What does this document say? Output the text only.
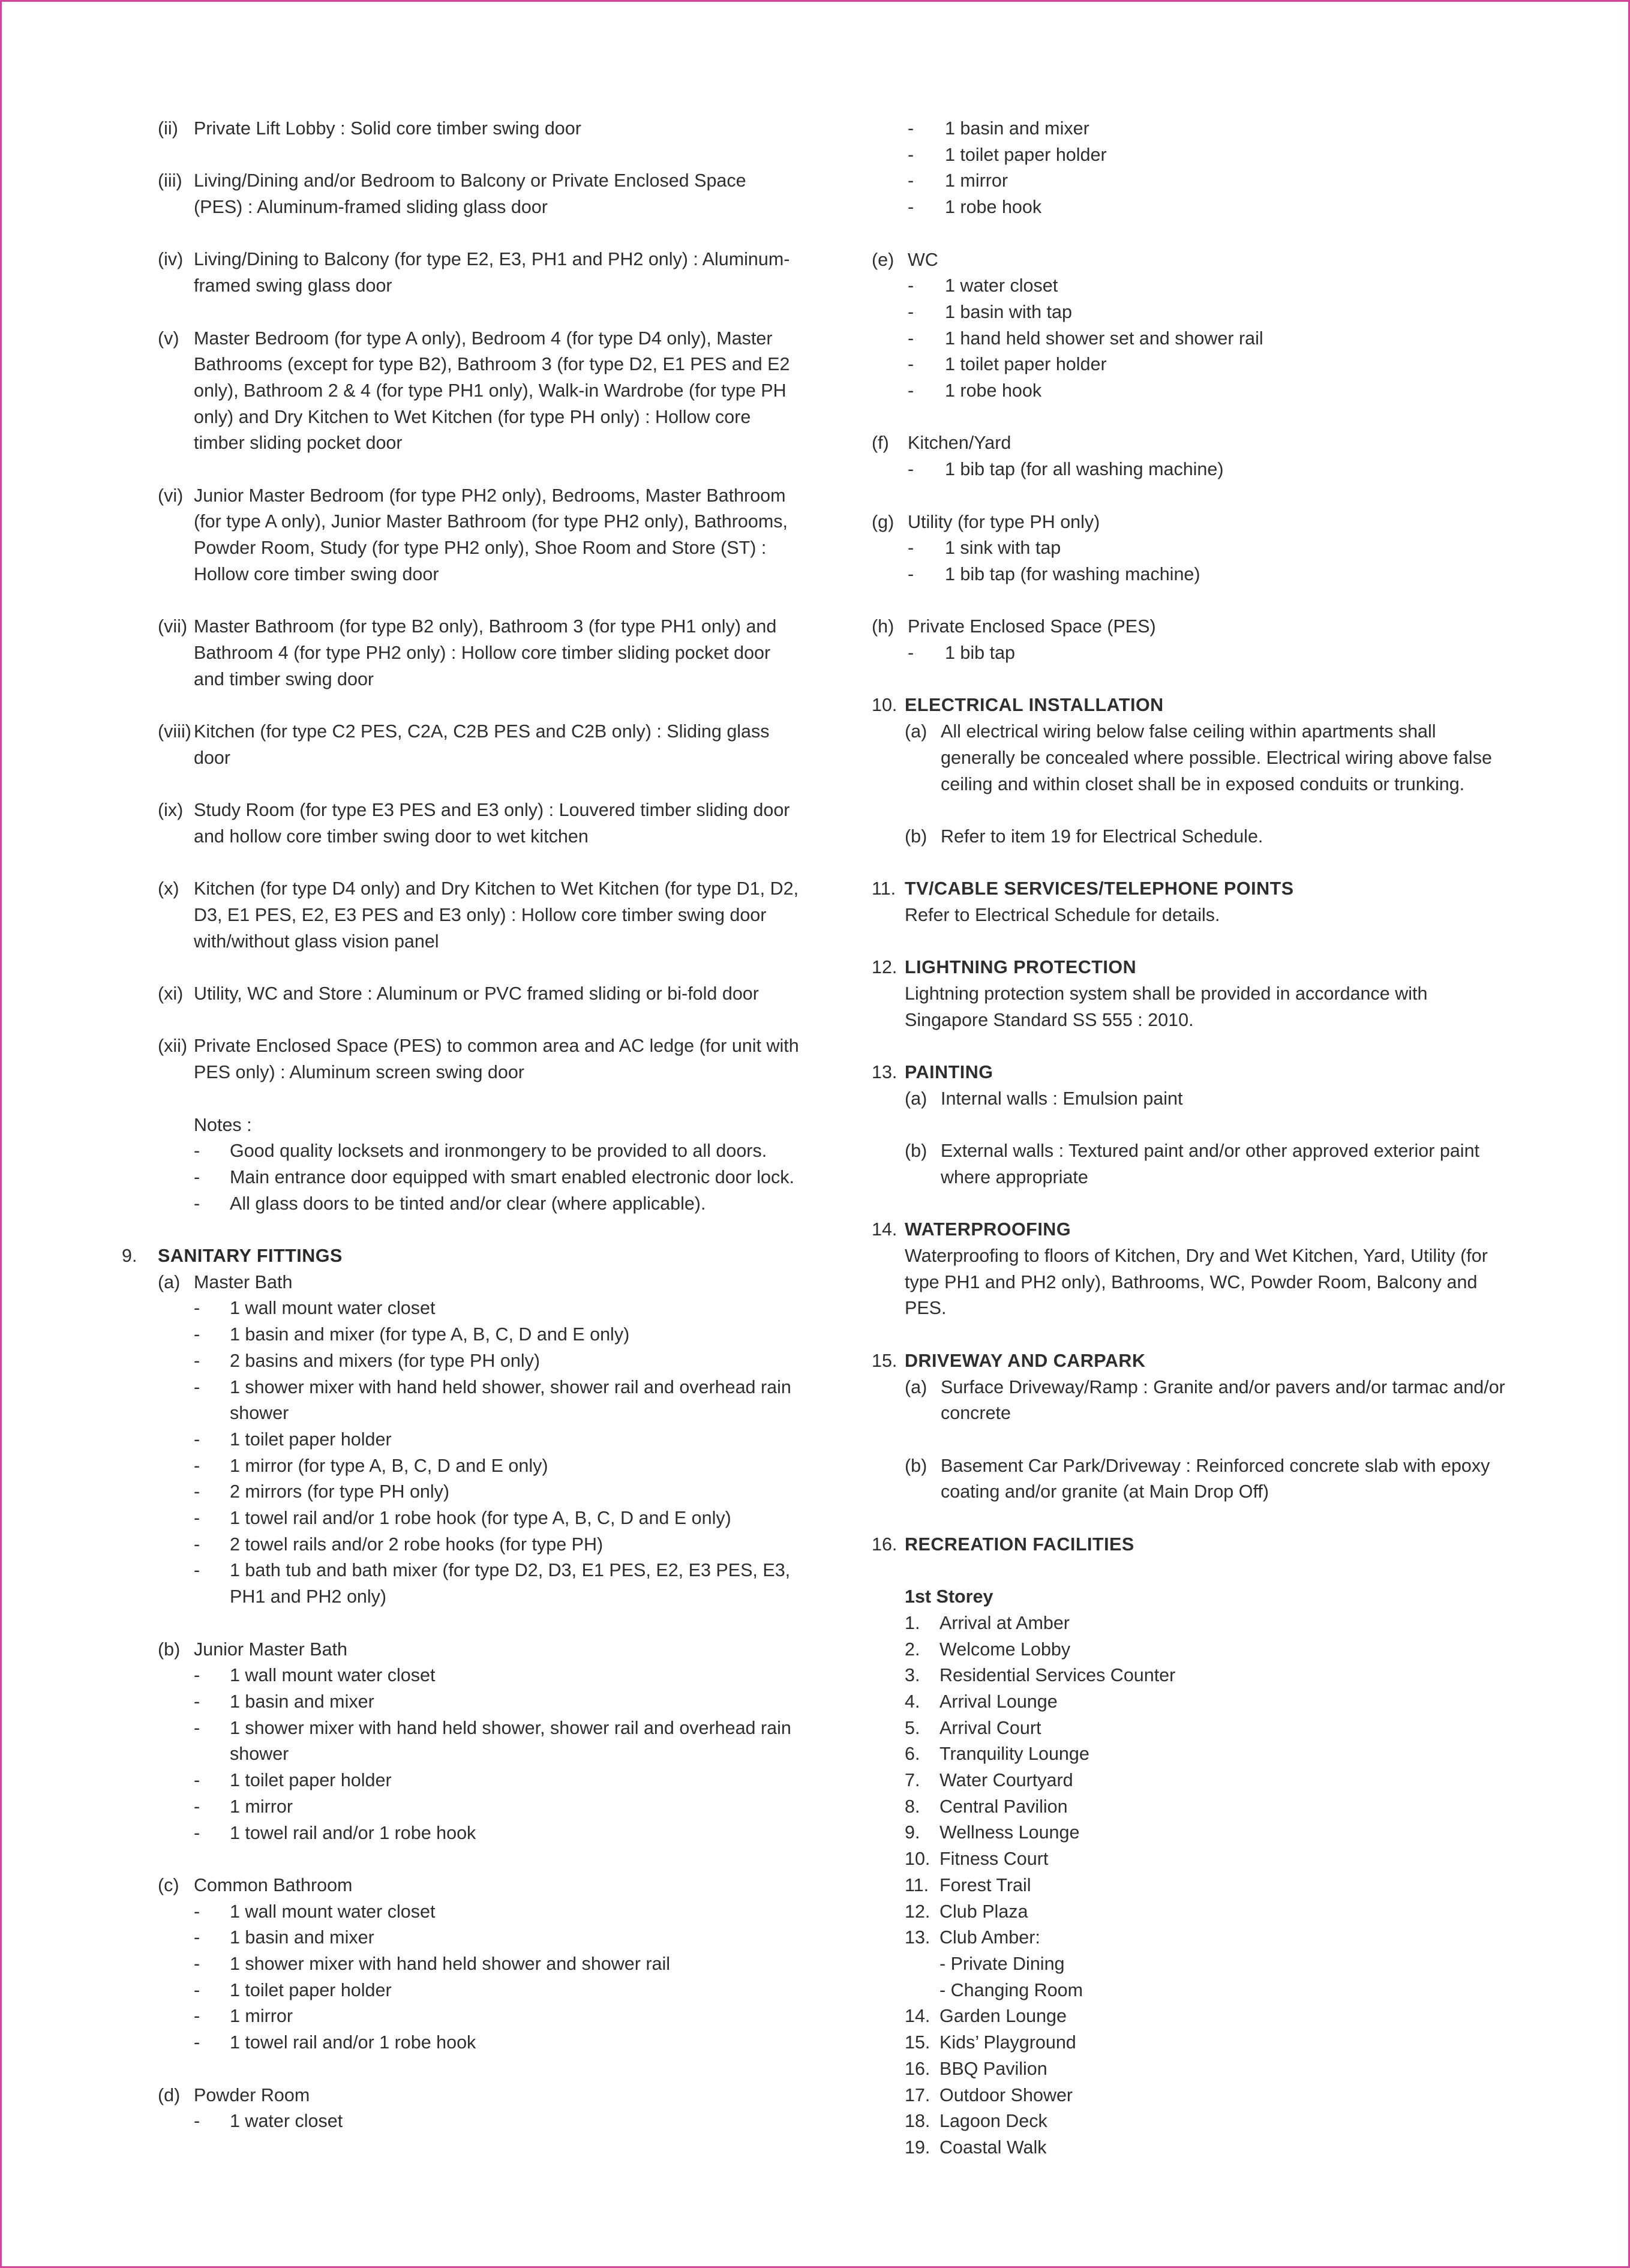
(ii) Private Lift Lobby : Solid core timber swing door
(iii) Living/Dining and/or Bedroom to Balcony or Private Enclosed Space (PES) : Aluminum-framed sliding glass door
(iv) Living/Dining to Balcony (for type E2, E3, PH1 and PH2 only) : Aluminum-framed swing glass door
(v) Master Bedroom (for type A only), Bedroom 4 (for type D4 only), Master Bathrooms (except for type B2), Bathroom 3 (for type D2, E1 PES and E2 only), Bathroom 2 & 4 (for type PH1 only), Walk-in Wardrobe (for type PH only) and Dry Kitchen to Wet Kitchen (for type PH only) : Hollow core timber sliding pocket door
(vi) Junior Master Bedroom (for type PH2 only), Bedrooms, Master Bathroom (for type A only), Junior Master Bathroom (for type PH2 only), Bathrooms, Powder Room, Study (for type PH2 only), Shoe Room and Store (ST) : Hollow core timber swing door
(vii) Master Bathroom (for type B2 only), Bathroom 3 (for type PH1 only) and Bathroom 4 (for type PH2 only) : Hollow core timber sliding pocket door and timber swing door
(viii) Kitchen (for type C2 PES, C2A, C2B PES and C2B only) : Sliding glass door
(ix) Study Room (for type E3 PES and E3 only) : Louvered timber sliding door and hollow core timber swing door to wet kitchen
(x) Kitchen (for type D4 only) and Dry Kitchen to Wet Kitchen (for type D1, D2, D3, E1 PES, E2, E3 PES and E3 only) : Hollow core timber swing door with/without glass vision panel
(xi) Utility, WC and Store : Aluminum or PVC framed sliding or bi-fold door
(xii) Private Enclosed Space (PES) to common area and AC ledge (for unit with PES only) : Aluminum screen swing door
Notes :
-	Good quality locksets and ironmongery to be provided to all doors.
-	Main entrance door equipped with smart enabled electronic door lock.
-	All glass doors to be tinted and/or clear (where applicable).
9. SANITARY FITTINGS
(a) Master Bath
-	1 wall mount water closet
-	1 basin and mixer (for type A, B, C, D and E only)
-	2 basins and mixers (for type PH only)
-	1 shower mixer with hand held shower, shower rail and overhead rain shower
-	1 toilet paper holder
-	1 mirror (for type A, B, C, D and E only)
-	2 mirrors (for type PH only)
-	1 towel rail and/or 1 robe hook (for type A, B, C, D and E only)
-	2 towel rails and/or 2 robe hooks (for type PH)
-	1 bath tub and bath mixer (for type D2, D3, E1 PES, E2, E3 PES, E3, PH1 and PH2 only)
(b) Junior Master Bath
-	1 wall mount water closet
-	1 basin and mixer
-	1 shower mixer with hand held shower, shower rail and overhead rain shower
-	1 toilet paper holder
-	1 mirror
-	1 towel rail and/or 1 robe hook
(c) Common Bathroom
-	1 wall mount water closet
-	1 basin and mixer
-	1 shower mixer with hand held shower and shower rail
-	1 toilet paper holder
-	1 mirror
-	1 towel rail and/or 1 robe hook
(d) Powder Room
-	1 water closet
-	1 basin and mixer
-	1 toilet paper holder
-	1 mirror
-	1 robe hook
(e) WC
-	1 water closet
-	1 basin with tap
-	1 hand held shower set and shower rail
-	1 toilet paper holder
-	1 robe hook
(f)	Kitchen/Yard
-	1 bib tap (for all washing machine)
(g) Utility (for type PH only)
-	1 sink with tap
-	1 bib tap (for washing machine)
(h) Private Enclosed Space (PES)
-	1 bib tap
10. ELECTRICAL INSTALLATION
(a) All electrical wiring below false ceiling within apartments shall generally be concealed where possible. Electrical wiring above false ceiling and within closet shall be in exposed conduits or trunking.
(b) Refer to item 19 for Electrical Schedule.
11. TV/CABLE SERVICES/TELEPHONE POINTS
Refer to Electrical Schedule for details.
12. LIGHTNING PROTECTION
Lightning protection system shall be provided in accordance with Singapore Standard SS 555 : 2010.
13. PAINTING
(a) Internal walls : Emulsion paint
(b) External walls : Textured paint and/or other approved exterior paint where appropriate
14. WATERPROOFING
Waterproofing to floors of Kitchen, Dry and Wet Kitchen, Yard, Utility (for type PH1 and PH2 only), Bathrooms, WC, Powder Room, Balcony and PES.
15. DRIVEWAY AND CARPARK
(a) Surface Driveway/Ramp : Granite and/or pavers and/or tarmac and/or concrete
(b) Basement Car Park/Driveway : Reinforced concrete slab with epoxy coating and/or granite (at Main Drop Off)
16. RECREATION FACILITIES
1st Storey
1.	Arrival at Amber
2.	Welcome Lobby
3.	Residential Services Counter
4.	Arrival Lounge
5.	Arrival Court
6.	Tranquility Lounge
7.	Water Courtyard
8.	Central Pavilion
9.	Wellness Lounge
10. Fitness Court
11. Forest Trail
12. Club Plaza
13. Club Amber:
- Private Dining
- Changing Room
14. Garden Lounge
15. Kids’ Playground
16. BBQ Pavilion
17. Outdoor Shower
18. Lagoon Deck
19. Coastal Walk
